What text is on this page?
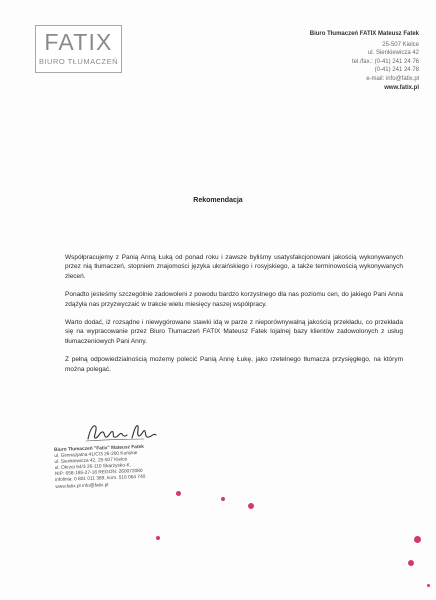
FATIX
BIURO TŁUMACZEŃ
Biuro Tłumaczeń FATIX Mateusz Fatek
25-507 Kielce
ul. Sienkiewicza 42
tel./fax.: (0-41) 241 24 76
(0-41) 241 24 78
e-mail: info@fatix.pl
www.fatix.pl
Rekomendacja

Współpracujemy z Panią Anną Łuką od ponad roku i zawsze byliśmy usatysfakcjonowani jakością wykonywanych przez nią tłumaczeń, stopniem znajomości języka ukraińskiego i rosyjskiego, a także terminowością wykonywanych zleceń.

Ponadto jesteśmy szczególnie zadowoleni z powodu bardzo korzystnego dla nas poziomu cen, do jakiego Pani Anna zdążyła nas przyzwyczaić w trakcie wielu miesięcy naszej współpracy.

Warto dodać, iż rozsądne i niewygórowane stawki idą w parze z nieporównywalną jakością przekładu, co przekłada się na wypracowanie przez Biuro Tłumaczeń FATIX Mateusz Fatek lojalnej bazy klientów zadowolonych z usług tłumaczeniowych Pani Anny.

Z pełną odpowiedzialnością możemy polecić Panią Annę Łukę, jako rzetelnego tłumacza przysięgłego, na którym można polegać.

Biuro Tłumaczeń "Fatix" Mateusz Fatek
ul. Gimnazjalna 41/C/3 26-200 Końskie
ul. Sienkiewicza 42, 25-507 Kielce
ul. Okrzei 64/3 26-110 Skarżysko-K.
NIP: 658-185-27-18 REGON: 260072080
infolinia: 0 801 011 389, kom. 516 064 740
www.fatix.pl info@fatix.pl
